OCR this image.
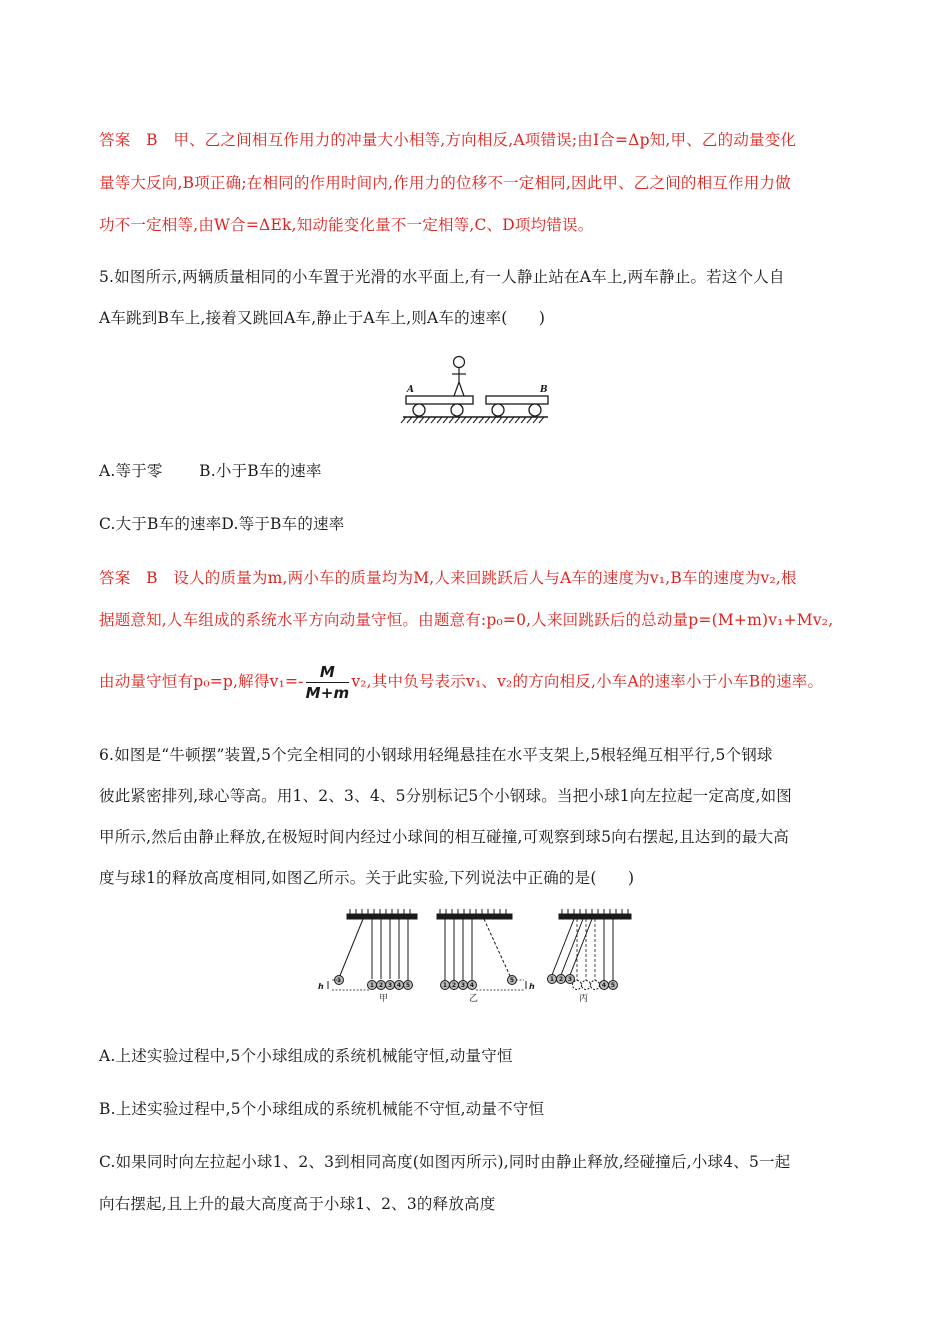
答案　B　甲、乙之间相互作用力的冲量大小相等,方向相反,A项错误;由I合=Δp知,甲、乙的动量变化
量等大反向,B项正确;在相同的作用时间内,作用力的位移不一定相同,因此甲、乙之间的相互作用力做
功不一定相等,由W合=ΔEk,知动能变化量不一定相等,C、D项均错误。
5.如图所示,两辆质量相同的小车置于光滑的水平面上,有一人静止站在A车上,两车静止。若这个人自
A车跳到B车上,接着又跳回A车,静止于A车上,则A车的速率(　　)
A	B
A.等于零　　 B.小于B车的速率
C.大于B车的速率D.等于B车的速率
答案　B　设人的质量为m,两小车的质量均为M,人来回跳跃后人与A车的速度为v₁,B车的速度为v₂,根
据题意知,人车组成的系统水平方向动量守恒。由题意有:p₀=0,人来回跳跃后的总动量p=(M+m)v₁+Mv₂,
由动量守恒有p₀=p,解得$v_1=- \frac{M}{M+m} v_2$,其中负号表示v₁、v₂的方向相反,小车A的速率小于小车B的速率。
6.如图是“牛顿摆”装置,5个完全相同的小钢球用轻绳悬挂在水平支架上,5根轻绳互相平行,5个钢球
彼此紧密排列,球心等高。用1、2、3、4、5分别标记5个小钢球。当把小球1向左拉起一定高度,如图
甲所示,然后由静止释放,在极短时间内经过小球间的相互碰撞,可观察到球5向右摆起,且达到的最大高
度与球1的释放高度相同,如图乙所示。关于此实验,下列说法中正确的是(　　)
h
甲
h
乙	丙
1
1 2 3 4 5	1 2 3 4
5	1 2 3
4 5
A.上述实验过程中,5个小球组成的系统机械能守恒,动量守恒
B.上述实验过程中,5个小球组成的系统机械能不守恒,动量不守恒
C.如果同时向左拉起小球1、2、3到相同高度(如图丙所示),同时由静止释放,经碰撞后,小球4、5一起
向右摆起,且上升的最大高度高于小球1、2、3的释放高度
